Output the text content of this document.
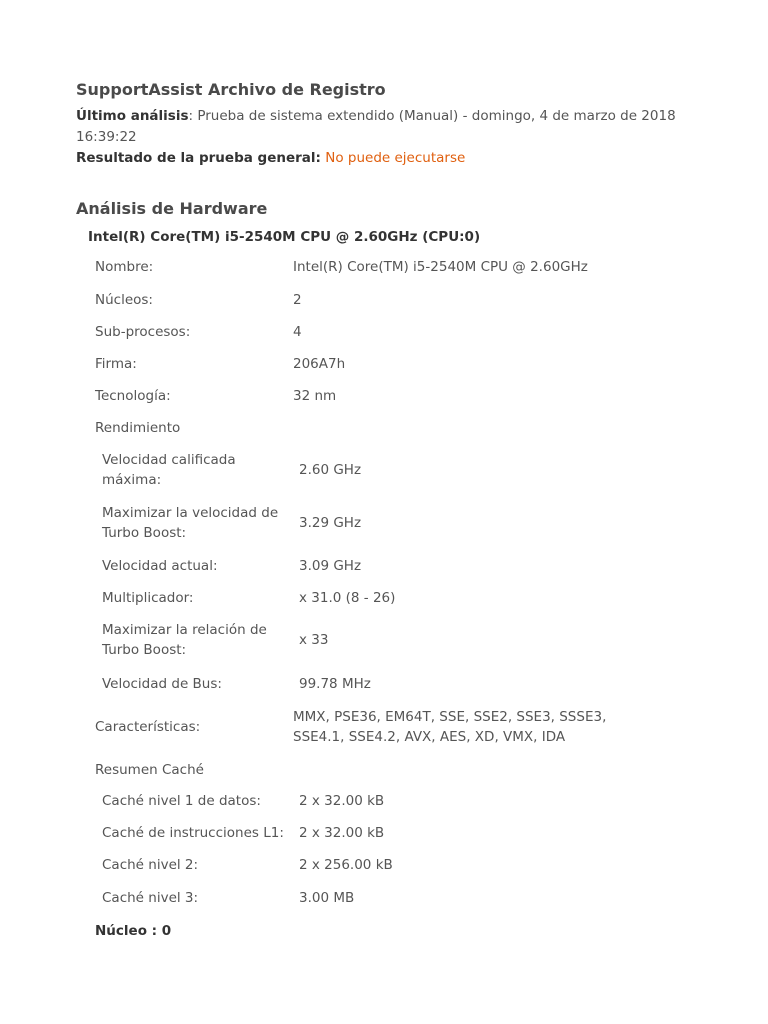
SupportAssist Archivo de Registro
Último análisis: Prueba de sistema extendido (Manual) - domingo, 4 de marzo de 2018 16:39:22
Resultado de la prueba general: No puede ejecutarse
Análisis de Hardware
Intel(R) Core(TM) i5-2540M CPU @ 2.60GHz (CPU:0)
Nombre:	Intel(R) Core(TM) i5-2540M CPU @ 2.60GHz
Núcleos:	2
Sub-procesos:	4
Firma:	206A7h
Tecnología:	32 nm
Rendimiento
Velocidad calificada máxima:
2.60 GHz
Maximizar la velocidad de Turbo Boost:
3.29 GHz
Velocidad actual:	3.09 GHz
Multiplicador:	x 31.0 (8 - 26)
Maximizar la relación de Turbo Boost:
x 33
Velocidad de Bus:	99.78 MHz
Características:
MMX, PSE36, EM64T, SSE, SSE2, SSE3, SSSE3, SSE4.1, SSE4.2, AVX, AES, XD, VMX, IDA
Resumen Caché
Caché nivel 1 de datos:	2 x 32.00 kB
Caché de instrucciones L1:	2 x 32.00 kB
Caché nivel 2:	2 x 256.00 kB
Caché nivel 3:	3.00 MB
Núcleo : 0
